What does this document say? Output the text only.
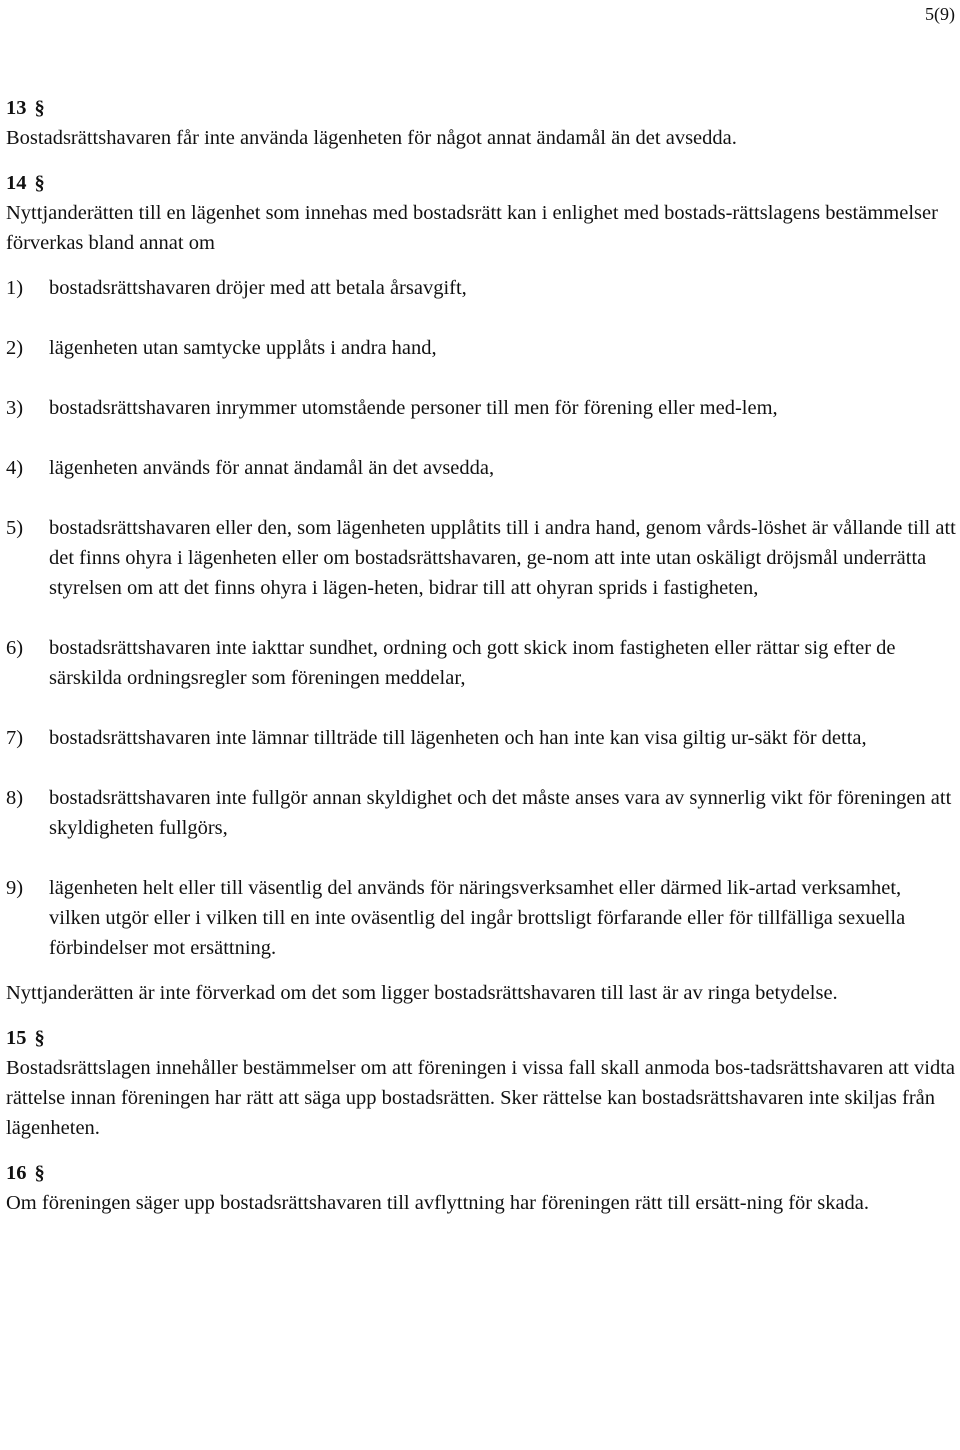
5(9)
13 §

Bostadsrättshavaren får inte använda lägenheten för något annat ändamål än det avsedda.

14 §

Nyttjanderätten till en lägenhet som innehas med bostadsrätt kan i enlighet med bostads-rättslagens bestämmelser förverkas bland annat om

1)	bostadsrättshavaren dröjer med att betala årsavgift,
2)	lägenheten utan samtycke upplåts i andra hand,
3)	bostadsrättshavaren inrymmer utomstående personer till men för förening eller med-lem,
4)	lägenheten används för annat ändamål än det avsedda,
5)	bostadsrättshavaren eller den, som lägenheten upplåtits till i andra hand, genom vårds-löshet är vållande till att det finns ohyra i lägenheten eller om bostadsrättshavaren, ge-nom att inte utan oskäligt dröjsmål underrätta styrelsen om att det finns ohyra i lägen-heten, bidrar till att ohyran sprids i fastigheten,
6)	bostadsrättshavaren inte iakttar sundhet, ordning och gott skick inom fastigheten eller rättar sig efter de särskilda ordningsregler som föreningen meddelar,
7)	bostadsrättshavaren inte lämnar tillträde till lägenheten och han inte kan visa giltig ur-säkt för detta,
8)	bostadsrättshavaren inte fullgör annan skyldighet och det måste anses vara av synnerlig vikt för föreningen att skyldigheten fullgörs,
9)	lägenheten helt eller till väsentlig del används för näringsverksamhet eller därmed lik-artad verksamhet, vilken utgör eller i vilken till en inte oväsentlig del ingår brottsligt förfarande eller för tillfälliga sexuella förbindelser mot ersättning.

Nyttjanderätten är inte förverkad om det som ligger bostadsrättshavaren till last är av ringa betydelse.

15 §

Bostadsrättslagen innehåller bestämmelser om att föreningen i vissa fall skall anmoda bos-tadsrättshavaren att vidta rättelse innan föreningen har rätt att säga upp bostadsrätten. Sker rättelse kan bostadsrättshavaren inte skiljas från lägenheten.

16 §

Om föreningen säger upp bostadsrättshavaren till avflyttning har föreningen rätt till ersätt-ning för skada.
